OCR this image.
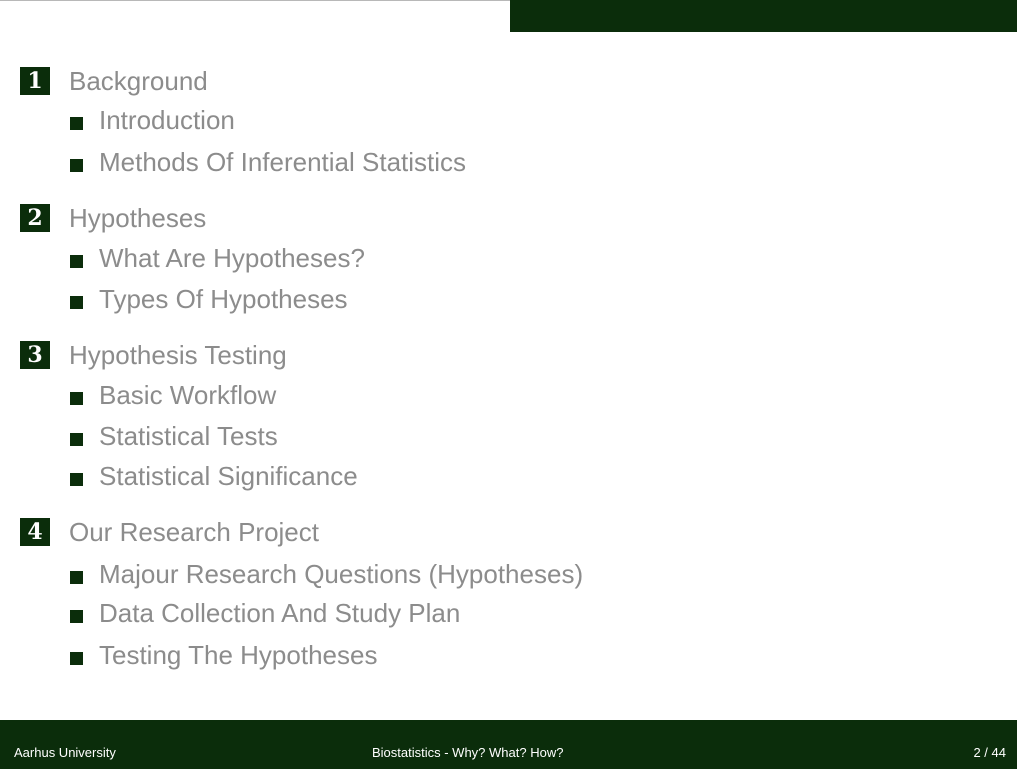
1 Background
Introduction
Methods Of Inferential Statistics
2 Hypotheses
What Are Hypotheses?
Types Of Hypotheses
3 Hypothesis Testing
Basic Workflow
Statistical Tests
Statistical Significance
4 Our Research Project
Majour Research Questions (Hypotheses)
Data Collection And Study Plan
Testing The Hypotheses
Aarhus University	Biostatistics - Why? What? How?	2 / 44
